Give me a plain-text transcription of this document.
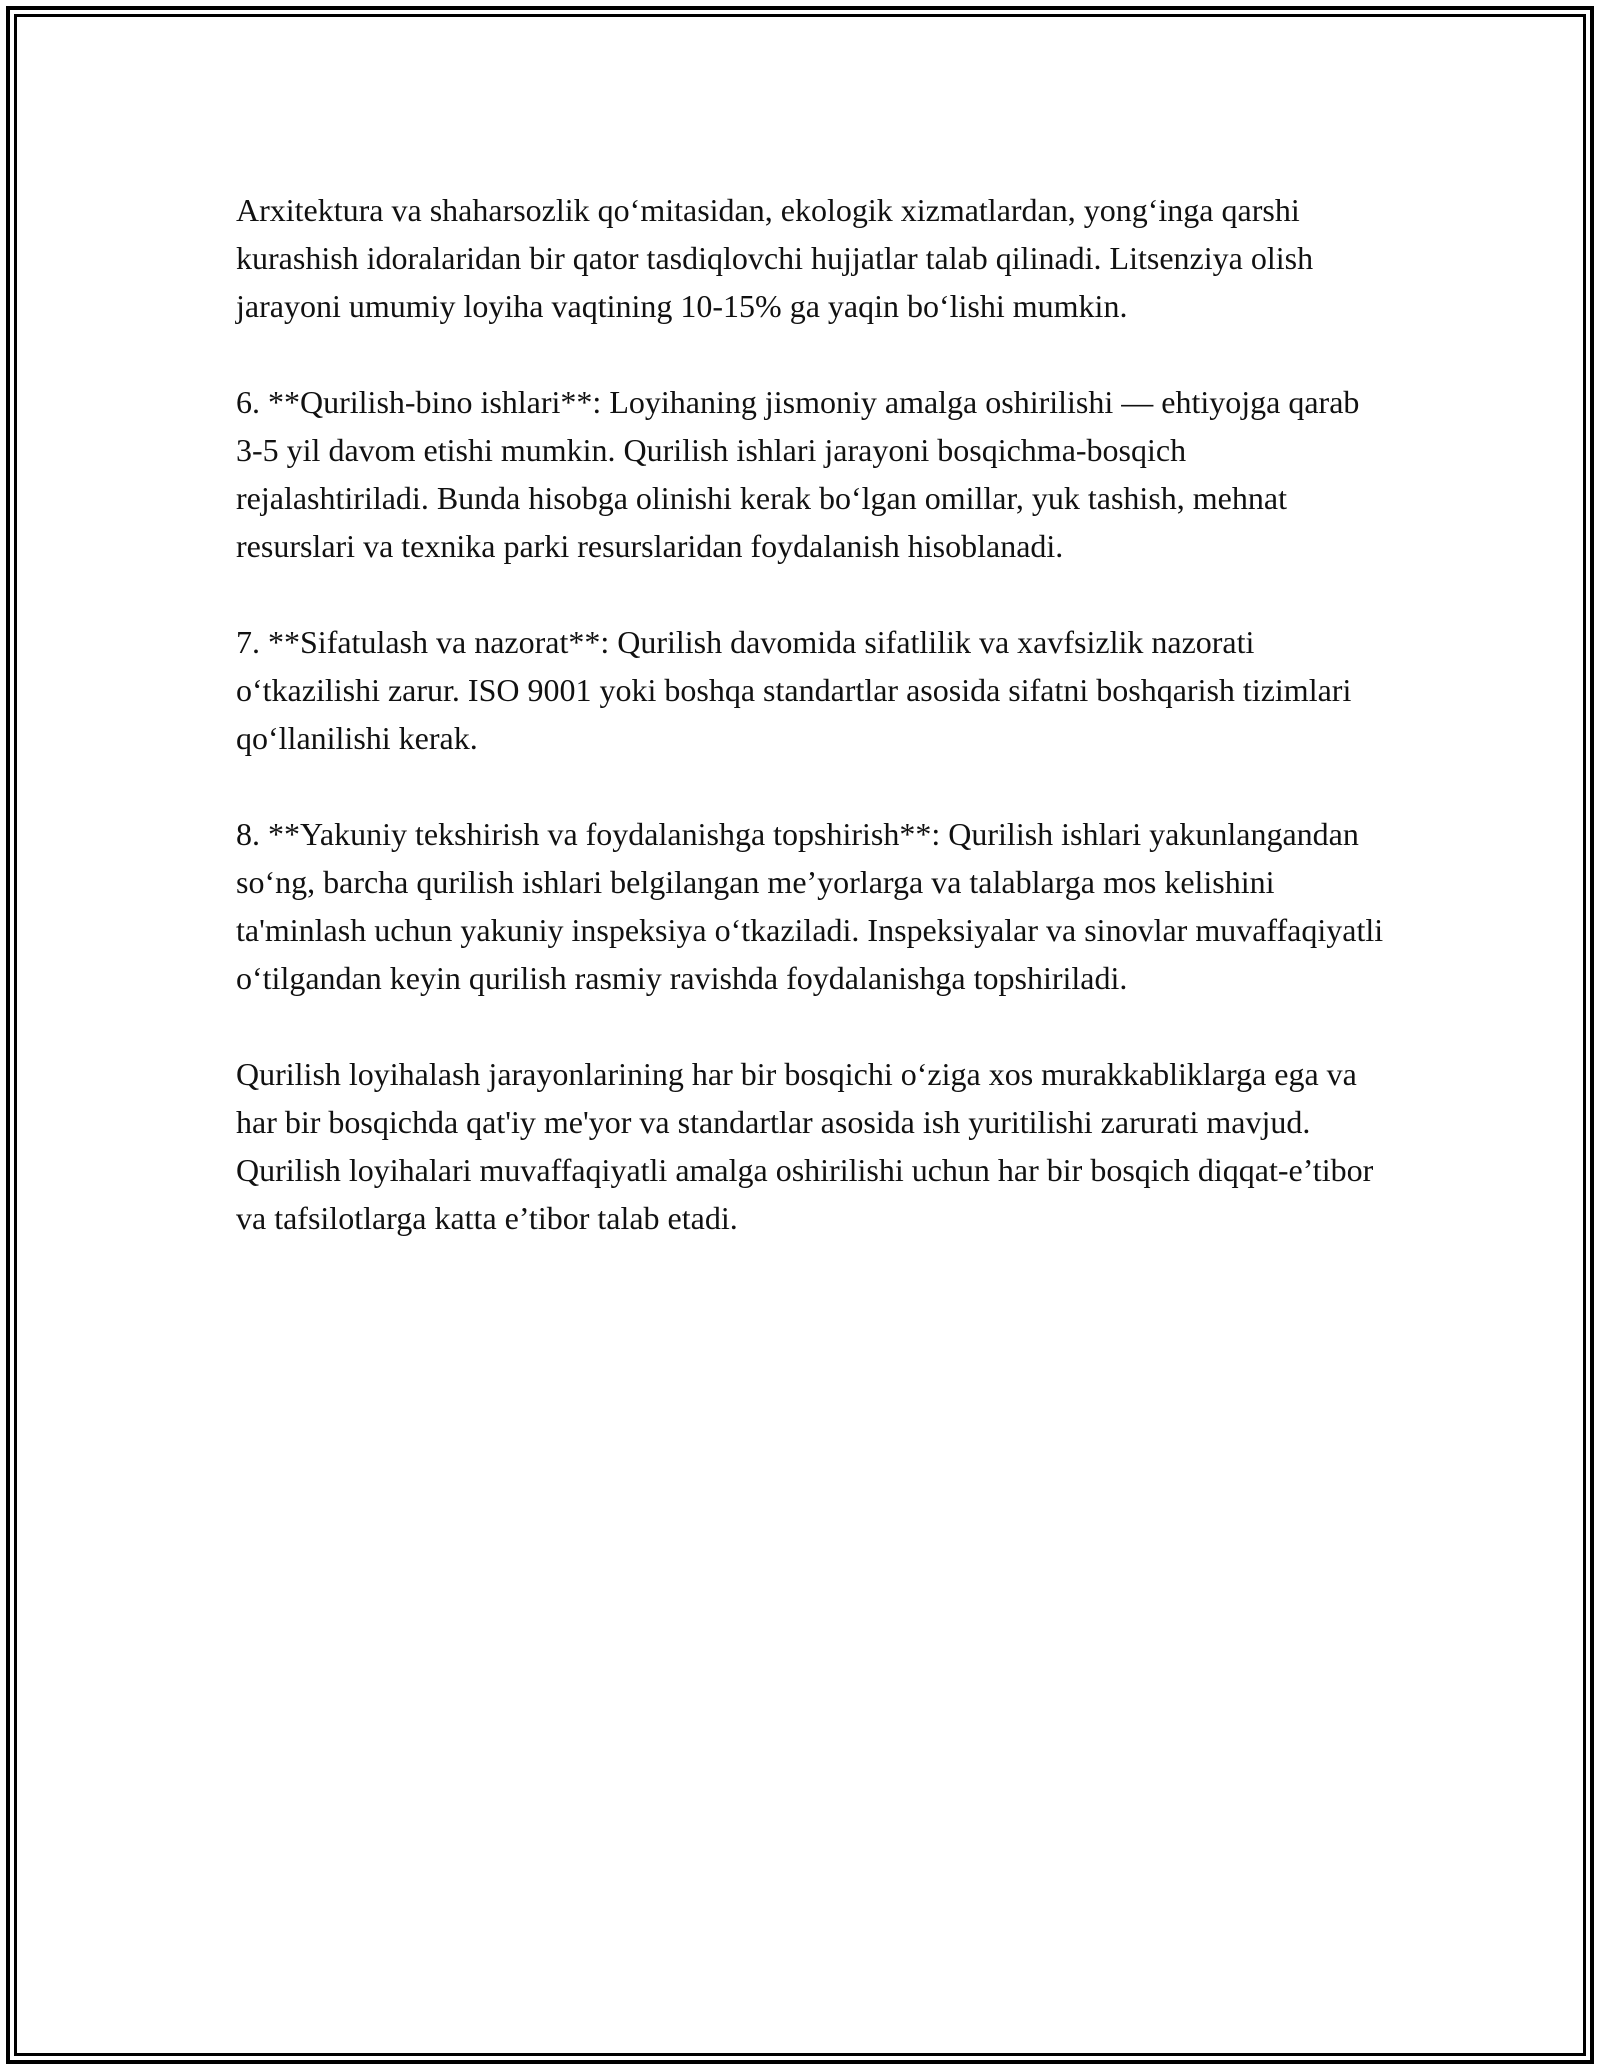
Arxitektura va shaharsozlik qo‘mitasidan, ekologik xizmatlardan, yong‘inga qarshi kurashish idoralaridan bir qator tasdiqlovchi hujjatlar talab qilinadi. Litsenziya olish jarayoni umumiy loyiha vaqtining 10-15% ga yaqin bo‘lishi mumkin.

6. **Qurilish-bino ishlari**: Loyihaning jismoniy amalga oshirilishi — ehtiyojga qarab 3-5 yil davom etishi mumkin. Qurilish ishlari jarayoni bosqichma-bosqich rejalashtiriladi. Bunda hisobga olinishi kerak bo‘lgan omillar, yuk tashish, mehnat resurslari va texnika parki resurslaridan foydalanish hisoblanadi.

7. **Sifatulash va nazorat**: Qurilish davomida sifatlilik va xavfsizlik nazorati o‘tkazilishi zarur. ISO 9001 yoki boshqa standartlar asosida sifatni boshqarish tizimlari qo‘llanilishi kerak.

8. **Yakuniy tekshirish va foydalanishga topshirish**: Qurilish ishlari yakunlangandan so‘ng, barcha qurilish ishlari belgilangan me’yorlarga va talablarga mos kelishini ta'minlash uchun yakuniy inspeksiya o‘tkaziladi. Inspeksiyalar va sinovlar muvaffaqiyatli o‘tilgandan keyin qurilish rasmiy ravishda foydalanishga topshiriladi.

Qurilish loyihalash jarayonlarining har bir bosqichi o‘ziga xos murakkabliklarga ega va har bir bosqichda qat'iy me'yor va standartlar asosida ish yuritilishi zarurati mavjud. Qurilish loyihalari muvaffaqiyatli amalga oshirilishi uchun har bir bosqich diqqat-e’tibor va tafsilotlarga katta e’tibor talab etadi.
